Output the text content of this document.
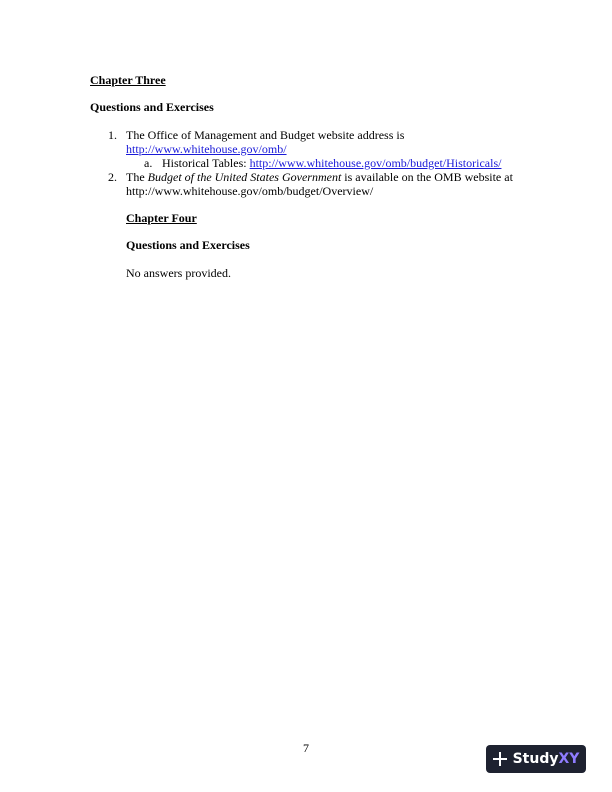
Chapter Three
Questions and Exercises
1. The Office of Management and Budget website address is
http://www.whitehouse.gov/omb/
a. Historical Tables: http://www.whitehouse.gov/omb/budget/Historicals/
2. The Budget of the United States Government is available on the OMB website at
http://www.whitehouse.gov/omb/budget/Overview/
Chapter Four
Questions and Exercises
No answers provided.
7
Study XY
